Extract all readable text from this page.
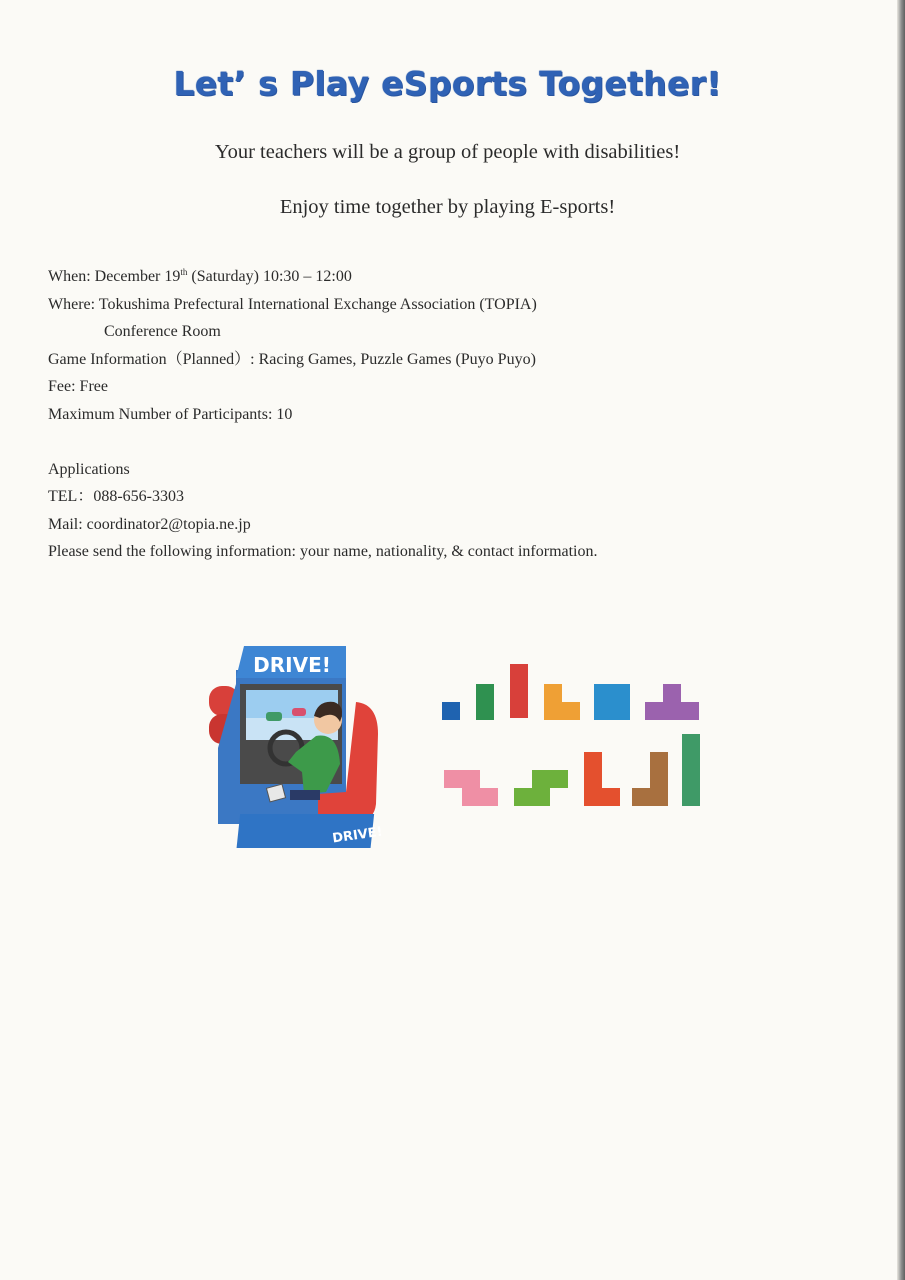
Let’ s Play eSports Together!

Your teachers will be a group of people with disabilities!

Enjoy time together by playing E-sports!

When: December 19th (Saturday) 10:30 – 12:00
Where: Tokushima Prefectural International Exchange Association (TOPIA)
Conference Room
Game Information（Planned）: Racing Games, Puzzle Games (Puyo Puyo)
Fee: Free
Maximum Number of Participants: 10
Applications
TEL：088-656-3303
Mail: coordinator2@topia.ne.jp
Please send the following information: your name, nationality, & contact information.
DRIVE!
DRIVE!
